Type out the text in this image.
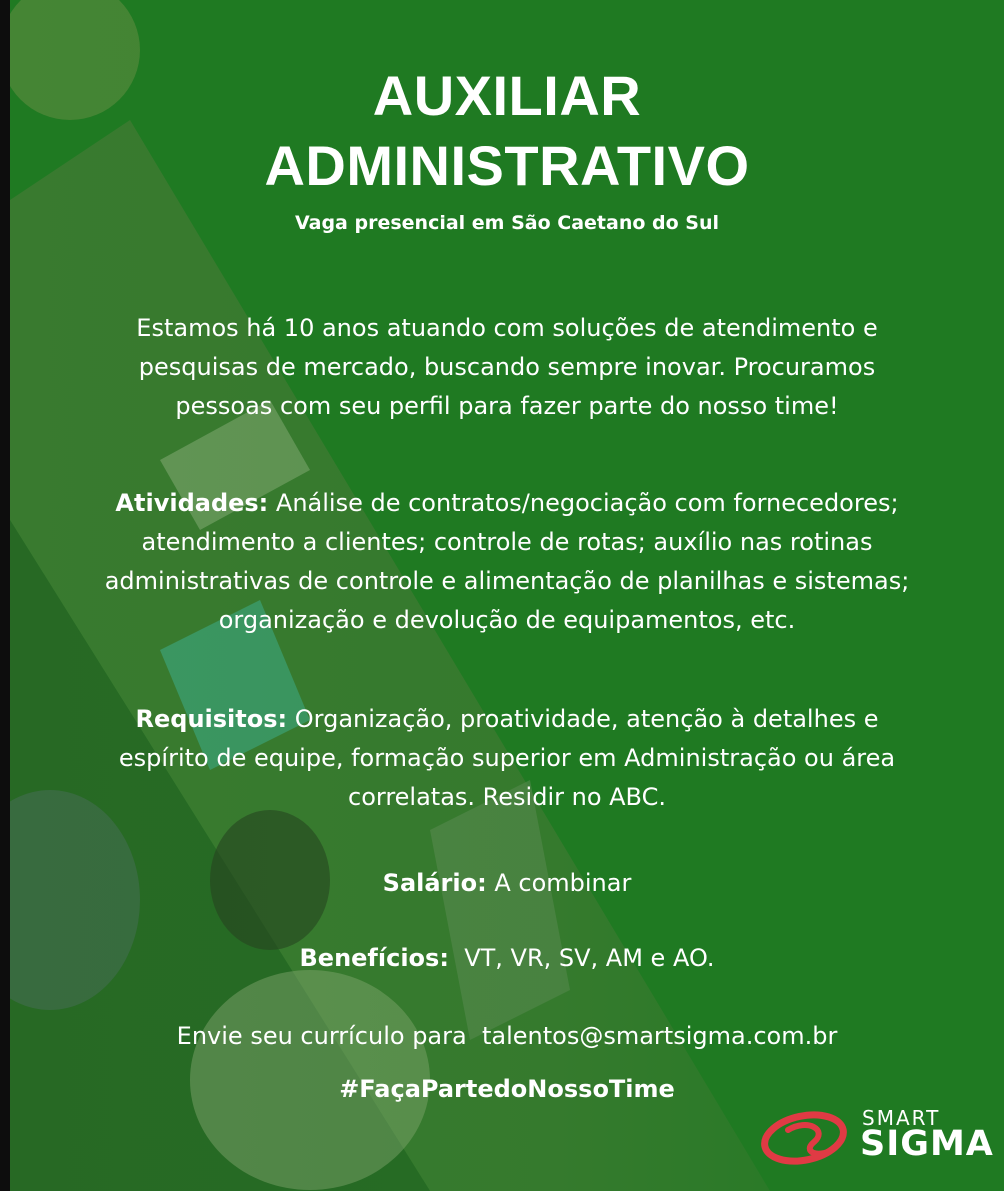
AUXILIAR
ADMINISTRATIVO
Vaga presencial em São Caetano do Sul
Estamos há 10 anos atuando com soluções de atendimento e
pesquisas de mercado, buscando sempre inovar. Procuramos
pessoas com seu perfil para fazer parte do nosso time!
Atividades: Análise de contratos/negociação com fornecedores;
atendimento a clientes; controle de rotas; auxílio nas rotinas
administrativas de controle e alimentação de planilhas e sistemas;
organização e devolução de equipamentos, etc.
Requisitos: Organização, proatividade, atenção à detalhes e
espírito de equipe, formação superior em Administração ou área
correlatas. Residir no ABC.
Salário: A combinar
Benefícios:  VT, VR, SV, AM e AO.
Envie seu currículo para  talentos@smartsigma.com.br
#FaçaPartedoNossoTime
SMART
SIGMA
